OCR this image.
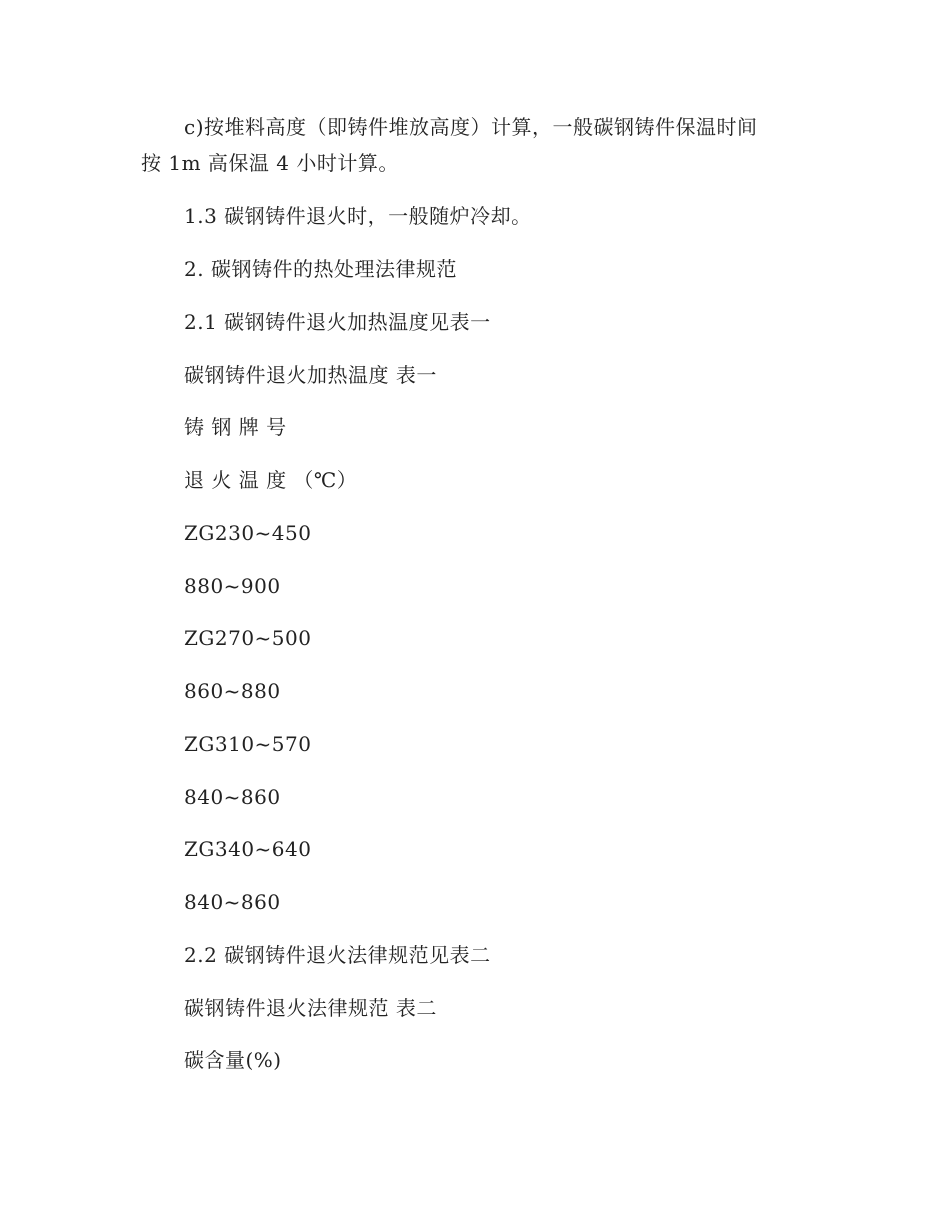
c)按堆料高度（即铸件堆放高度）计算，一般碳钢铸件保温时间
按 1m 高保温 4 小时计算。
1.3 碳钢铸件退火时，一般随炉冷却。
2. 碳钢铸件的热处理法律规范
2.1 碳钢铸件退火加热温度见表一
碳钢铸件退火加热温度 表一
铸 钢 牌 号
退 火 温 度 （℃）
ZG230~450
880~900
ZG270~500
860~880
ZG310~570
840~860
ZG340~640
840~860
2.2 碳钢铸件退火法律规范见表二
碳钢铸件退火法律规范 表二
碳含量(%)
